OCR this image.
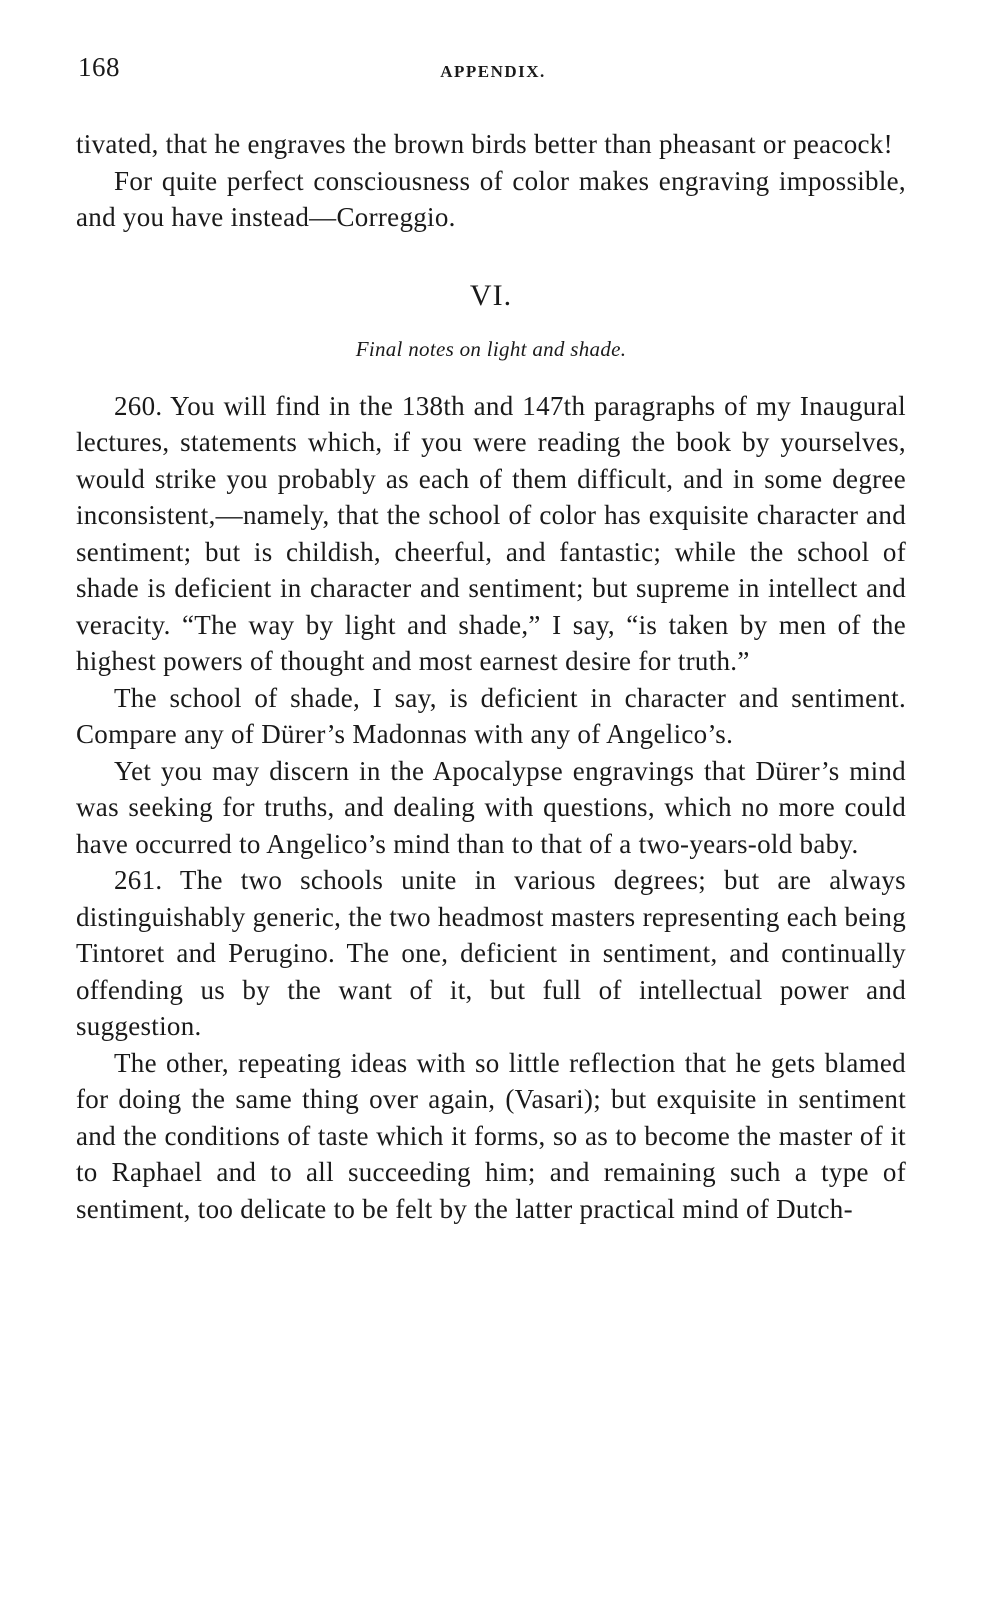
168	APPENDIX.

tivated, that he engraves the brown birds better than pheasant or peacock!

For quite perfect consciousness of color makes engraving impossible, and you have instead—Correggio.

VI.
Final notes on light and shade.

260. You will find in the 138th and 147th paragraphs of my Inaugural lectures, statements which, if you were reading the book by yourselves, would strike you probably as each of them difficult, and in some degree inconsistent,—namely, that the school of color has exquisite character and sentiment; but is childish, cheerful, and fantastic; while the school of shade is deficient in character and sentiment; but supreme in intellect and veracity. “The way by light and shade,” I say, “is taken by men of the highest powers of thought and most earnest desire for truth.”

The school of shade, I say, is deficient in character and sentiment. Compare any of Dürer’s Madonnas with any of Angelico’s.

Yet you may discern in the Apocalypse engravings that Dürer’s mind was seeking for truths, and dealing with questions, which no more could have occurred to Angelico’s mind than to that of a two-years-old baby.

261. The two schools unite in various degrees; but are always distinguishably generic, the two headmost masters representing each being Tintoret and Perugino. The one, deficient in sentiment, and continually offending us by the want of it, but full of intellectual power and suggestion.

The other, repeating ideas with so little reflection that he gets blamed for doing the same thing over again, (Vasari); but exquisite in sentiment and the conditions of taste which it forms, so as to become the master of it to Raphael and to all succeeding him; and remaining such a type of sentiment, too delicate to be felt by the latter practical mind of Dutch-
